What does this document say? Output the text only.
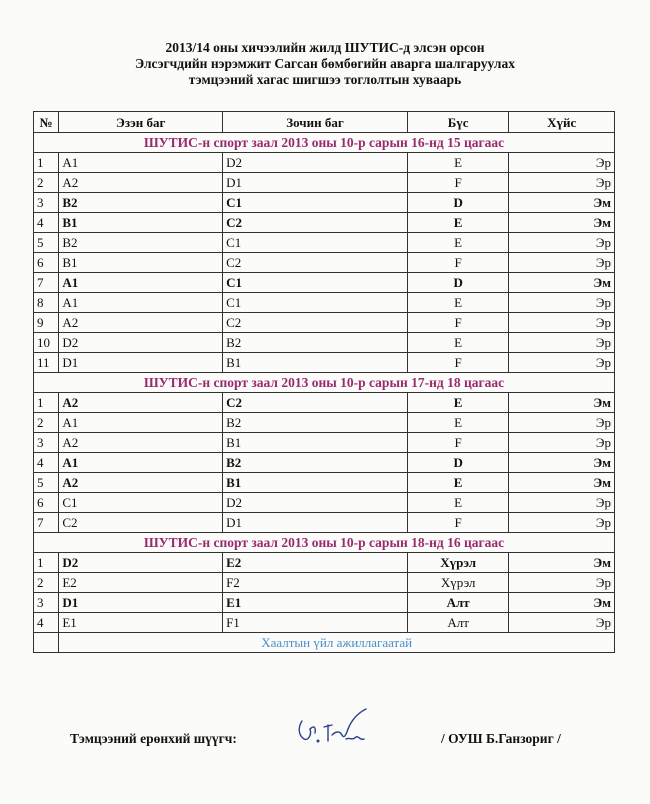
2013/14 оны хичээлийн жилд ШУТИС-д элсэн орсон
Элсэгчдийн нэрэмжит Сагсан бөмбөгийн аварга шалгаруулах
тэмцээний хагас шигшээ тоглолтын хуваарь
№	Эзэн баг	Зочин баг	Бүс	Хүйс
ШУТИС-н спорт заал 2013 оны 10-р сарын 16-нд 15 цагаас				
1	A1	D2	E	Эр
2	A2	D1	F	Эр
3	B2	C1	D	Эм
4	B1	C2	E	Эм
5	B2	C1	E	Эр
6	B1	C2	F	Эр
7	A1	C1	D	Эм
8	A1	C1	E	Эр
9	A2	C2	F	Эр
10	D2	B2	E	Эр
11	D1	B1	F	Эр
ШУТИС-н спорт заал 2013 оны 10-р сарын 17-нд 18 цагаас				
1	A2	C2	E	Эм
2	A1	B2	E	Эр
3	A2	B1	F	Эр
4	A1	B2	D	Эм
5	A2	B1	E	Эм
6	C1	D2	E	Эр
7	C2	D1	F	Эр
ШУТИС-н спорт заал 2013 оны 10-р сарын 18-нд 16 цагаас				
1	D2	E2	Хүрэл	Эм
2	E2	F2	Хүрэл	Эр
3	D1	E1	Алт	Эм
4	E1	F1	Алт	Эр
	Хаалтын үйл ажиллагаатай			
Тэмцээний ерөнхий шүүгч:	/ ОУШ Б.Ганзориг /
